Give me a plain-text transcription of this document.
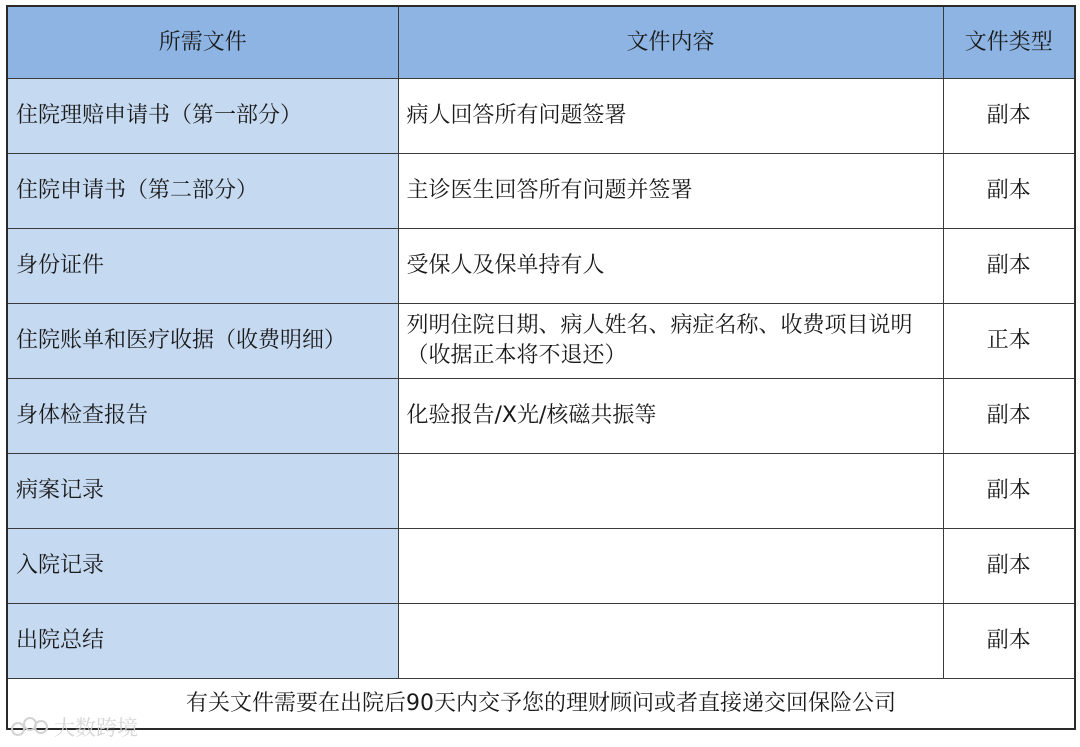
所需文件	文件内容	文件类型
住院理赔申请书（第一部分）	病人回答所有问题签署	副本
住院申请书（第二部分）	主诊医生回答所有问题并签署	副本
身份证件	受保人及保单持有人	副本
住院账单和医疗收据（收费明细）	列明住院日期、病人姓名、病症名称、收费项目说明（收据正本将不退还）	正本
身体检查报告	化验报告/X光/核磁共振等	副本
病案记录		副本
入院记录		副本
出院总结		副本
有关文件需要在出院后90天内交予您的理财顾问或者直接递交回保险公司		
大数跨境
